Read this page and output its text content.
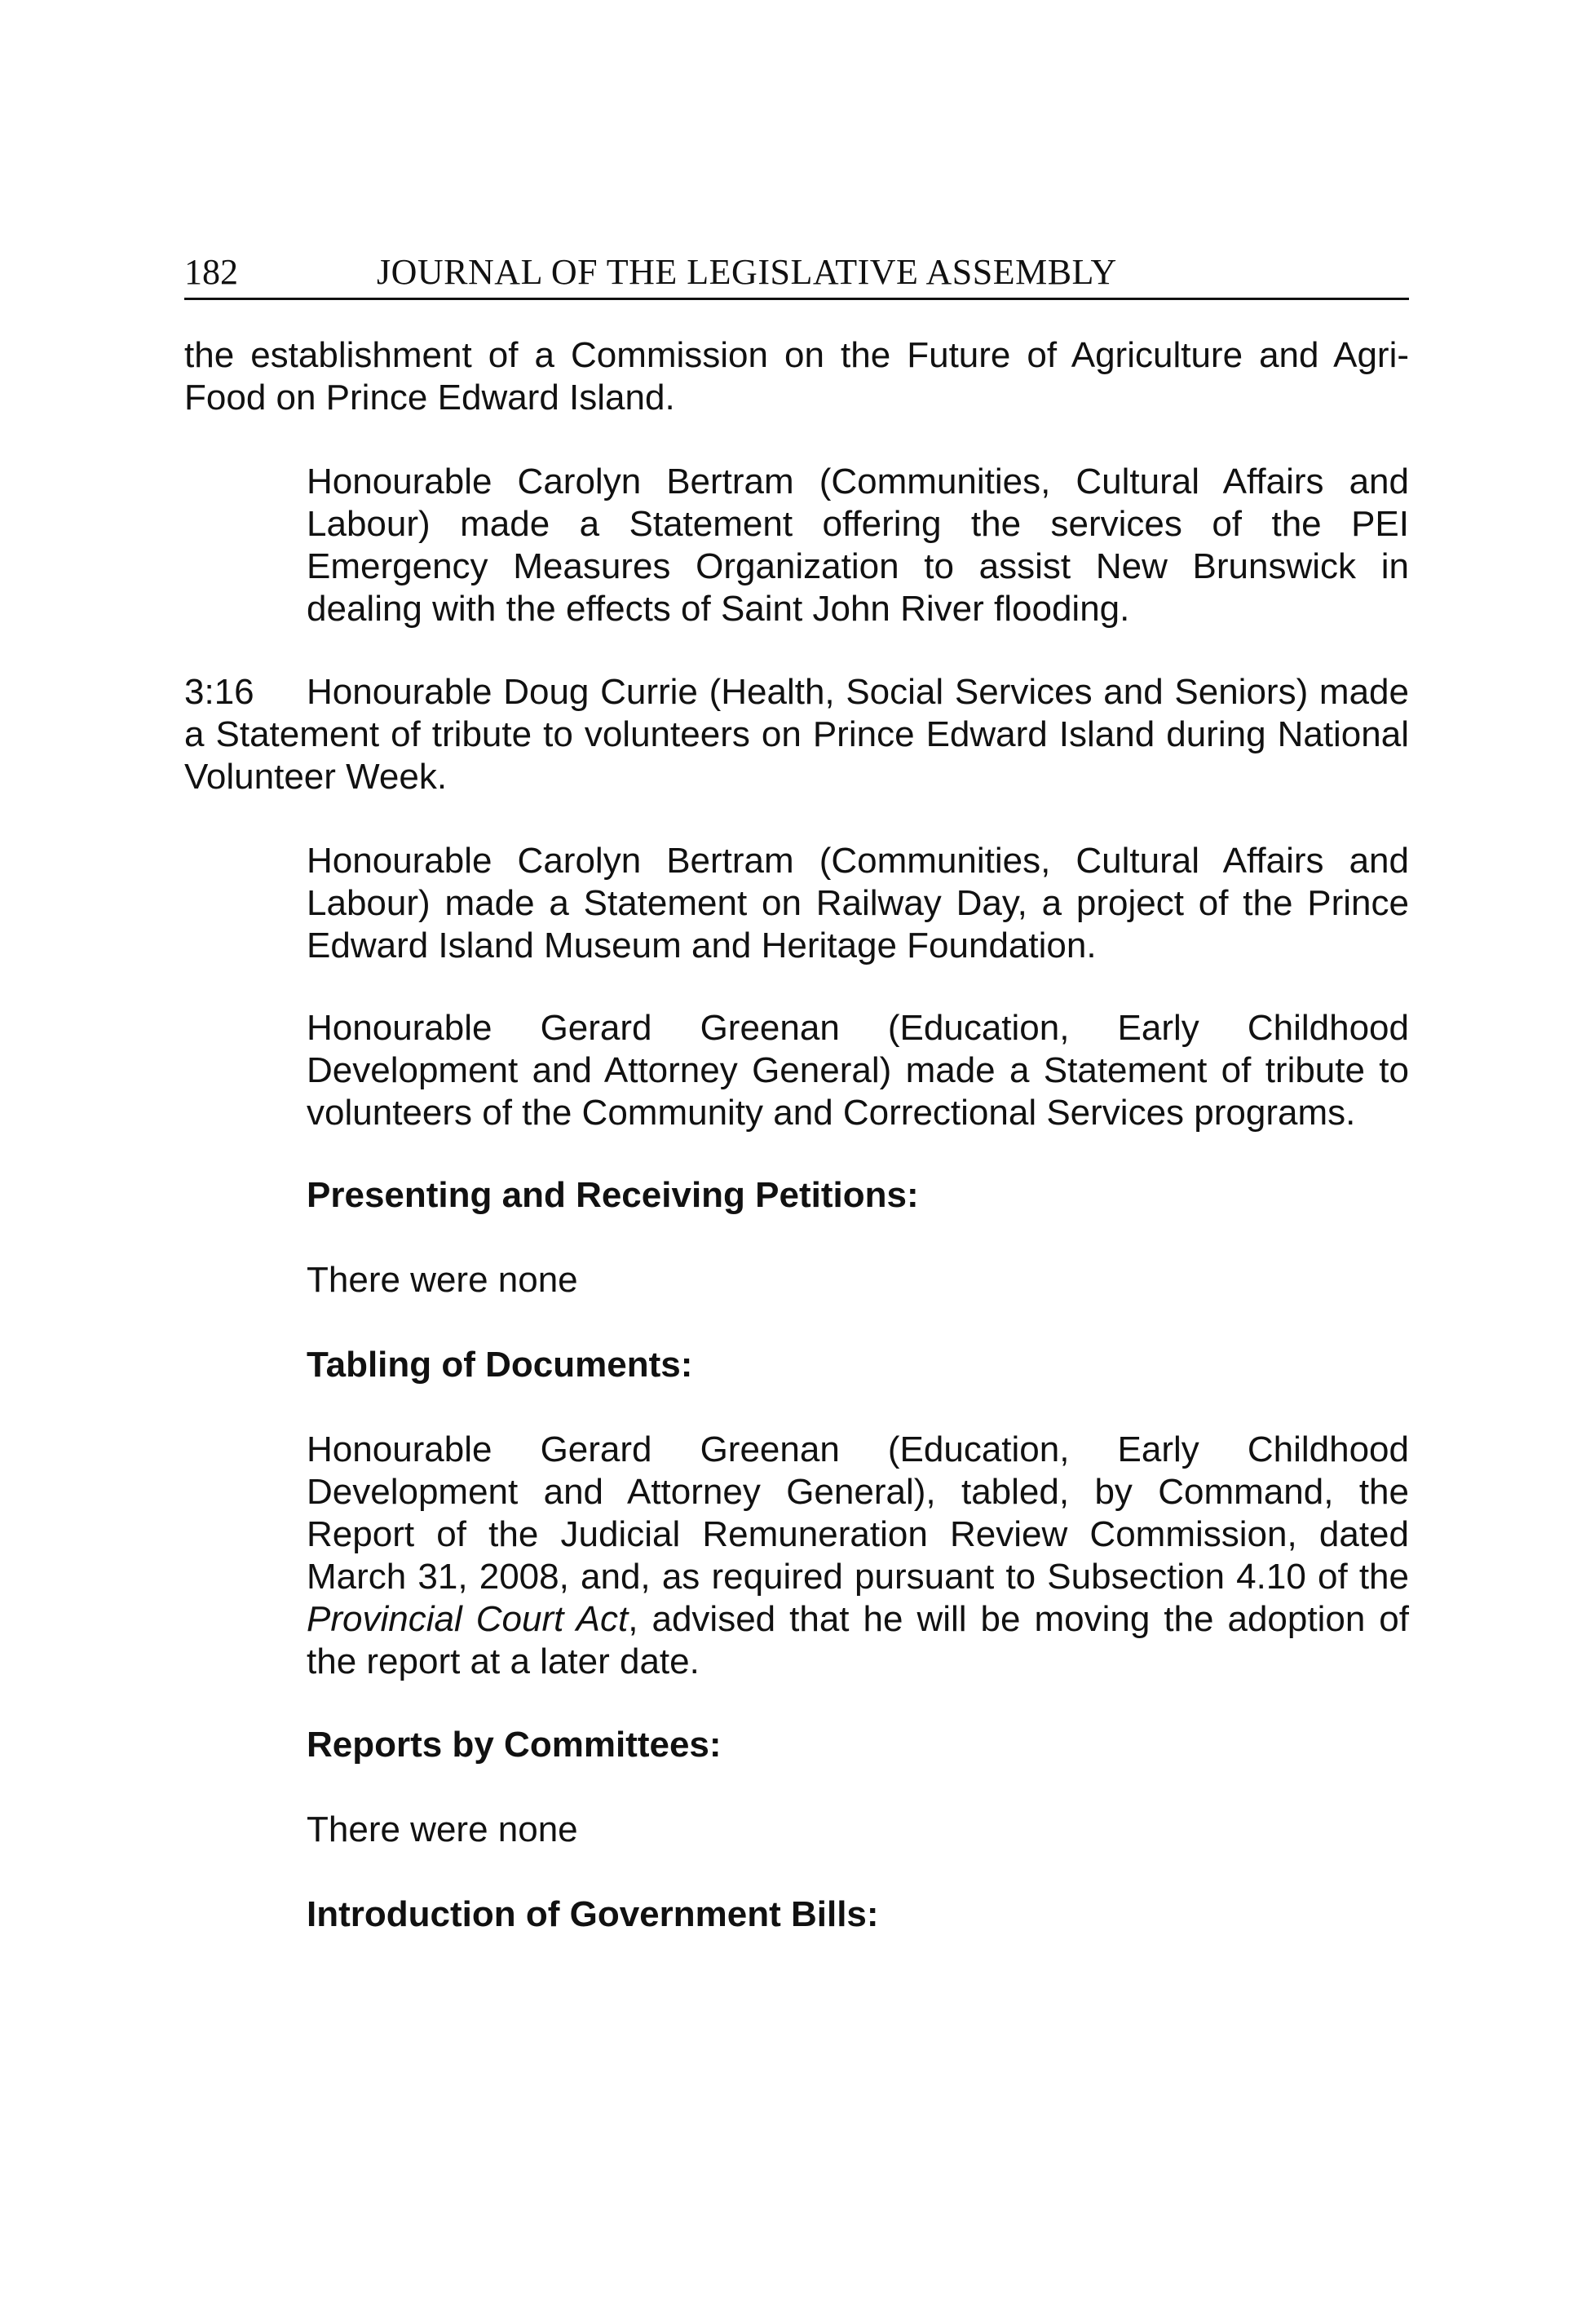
182	JOURNAL OF THE LEGISLATIVE ASSEMBLY

the establishment of a Commission on the Future of Agriculture and Agri-Food on Prince Edward Island.

Honourable Carolyn Bertram (Communities, Cultural Affairs and Labour) made a Statement offering the services of the PEI Emergency Measures Organization to assist New Brunswick in dealing with the effects of Saint John River flooding.

3:16 Honourable Doug Currie (Health, Social Services and Seniors) made a Statement of tribute to volunteers on Prince Edward Island during National Volunteer Week.

Honourable Carolyn Bertram (Communities, Cultural Affairs and Labour) made a Statement on Railway Day, a project of the Prince Edward Island Museum and Heritage Foundation.

Honourable Gerard Greenan (Education, Early Childhood Development and Attorney General) made a Statement of tribute to volunteers of the Community and Correctional Services programs.

Presenting and Receiving Petitions:

There were none

Tabling of Documents:

Honourable Gerard Greenan (Education, Early Childhood Development and Attorney General), tabled, by Command, the Report of the Judicial Remuneration Review Commission, dated March 31, 2008, and, as required pursuant to Subsection 4.10 of the Provincial Court Act, advised that he will be moving the adoption of the report at a later date.

Reports by Committees:

There were none

Introduction of Government Bills:
